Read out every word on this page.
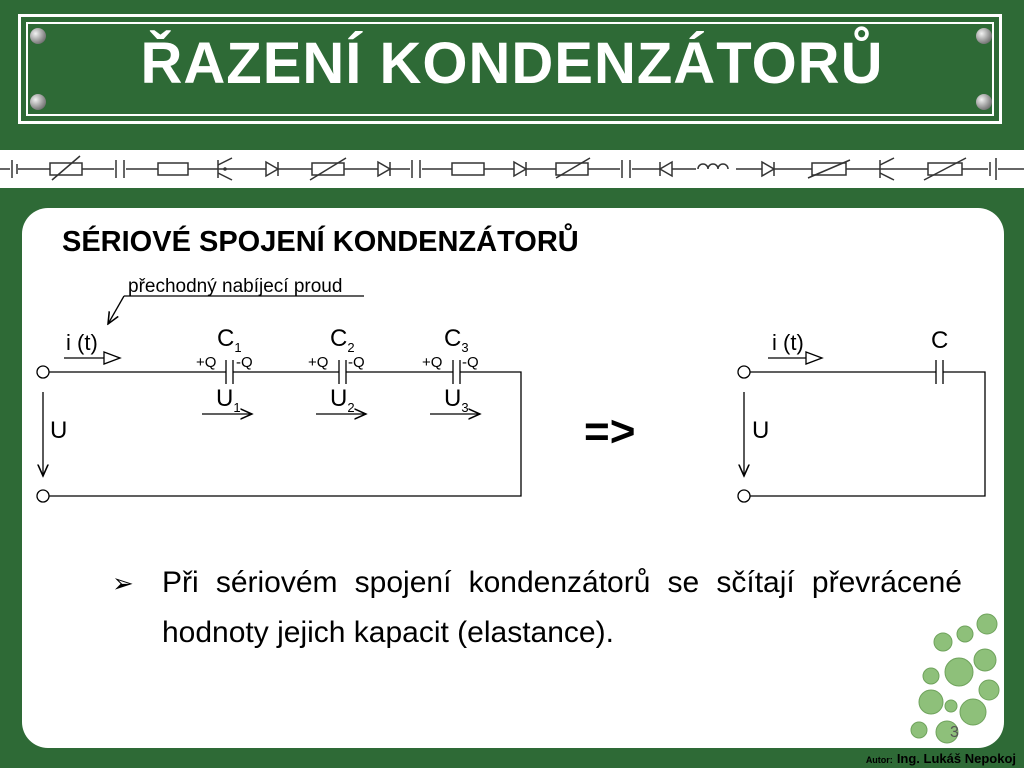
ŘAZENÍ KONDENZÁTORŮ
SÉRIOVÉ SPOJENÍ KONDENZÁTORŮ
přechodný nabíjecí proud
i (t)
U
$C_1$
+Q -Q
$U_1$
$C_2$
+Q -Q
$U_2$
$C_3$
+Q -Q
$U_3$	=>
i (t)
U
C
➢ Při sériovém spojení kondenzátorů se sčítají převrácené hodnoty jejich kapacit (elastance).
3
Autor: Ing. Lukáš Nepokoj
